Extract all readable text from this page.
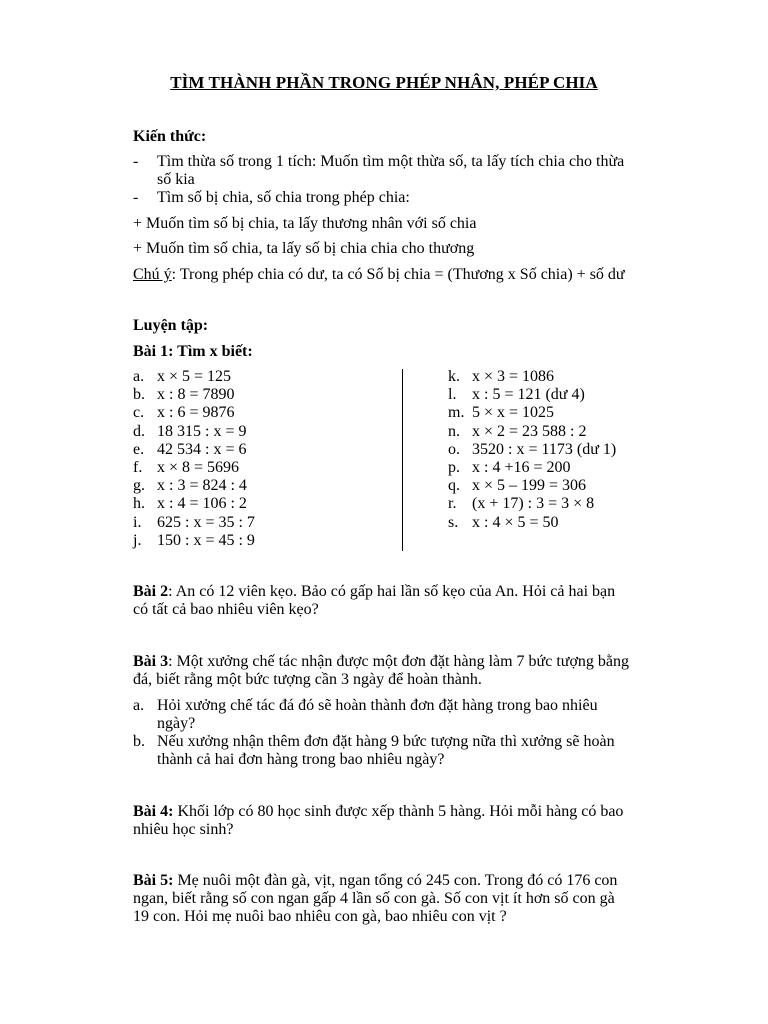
TÌM THÀNH PHẦN TRONG PHÉP NHÂN, PHÉP CHIA
Kiến thức:
- Tìm thừa số trong 1 tích: Muốn tìm một thừa số, ta lấy tích chia cho thừa
số kia
- Tìm số bị chia, số chia trong phép chia:
+ Muốn tìm số bị chia, ta lấy thương nhân với số chia
+ Muốn tìm số chia, ta lấy số bị chia chia cho thương
Chú ý: Trong phép chia có dư, ta có Số bị chia = (Thương x Số chia) + số dư
Luyện tập:
Bài 1: Tìm x biết:
a. x × 5 = 125
b. x : 8 = 7890
c. x : 6 = 9876
d. 18 315 : x = 9
e. 42 534 : x = 6
f. x × 8 = 5696
g. x : 3 = 824 : 4
h. x : 4 = 106 : 2
i. 625 : x = 35 : 7
j. 150 : x = 45 : 9
k. x × 3 = 1086
l. x : 5 = 121 (dư 4)
m. 5 × x = 1025
n. x × 2 = 23 588 : 2
o. 3520 : x = 1173 (dư 1)
p. x : 4 +16 = 200
q. x × 5 – 199 = 306
r. (x + 17) : 3 = 3 × 8
s. x : 4 × 5 = 50
Bài 2: An có 12 viên kẹo. Bảo có gấp hai lần số kẹo của An. Hỏi cả hai bạn
có tất cả bao nhiêu viên kẹo?
Bài 3: Một xưởng chế tác nhận được một đơn đặt hàng làm 7 bức tượng bằng
đá, biết rằng một bức tượng cần 3 ngày để hoàn thành.
a. Hỏi xưởng chế tác đá đó sẽ hoàn thành đơn đặt hàng trong bao nhiêu
ngày?
b. Nếu xưởng nhận thêm đơn đặt hàng 9 bức tượng nữa thì xưởng sẽ hoàn
thành cả hai đơn hàng trong bao nhiêu ngày?
Bài 4: Khối lớp có 80 học sinh được xếp thành 5 hàng. Hỏi mỗi hàng có bao
nhiêu học sinh?
Bài 5: Mẹ nuôi một đàn gà, vịt, ngan tổng có 245 con. Trong đó có 176 con
ngan, biết rằng số con ngan gấp 4 lần số con gà. Số con vịt ít hơn số con gà
19 con. Hỏi mẹ nuôi bao nhiêu con gà, bao nhiêu con vịt ?
